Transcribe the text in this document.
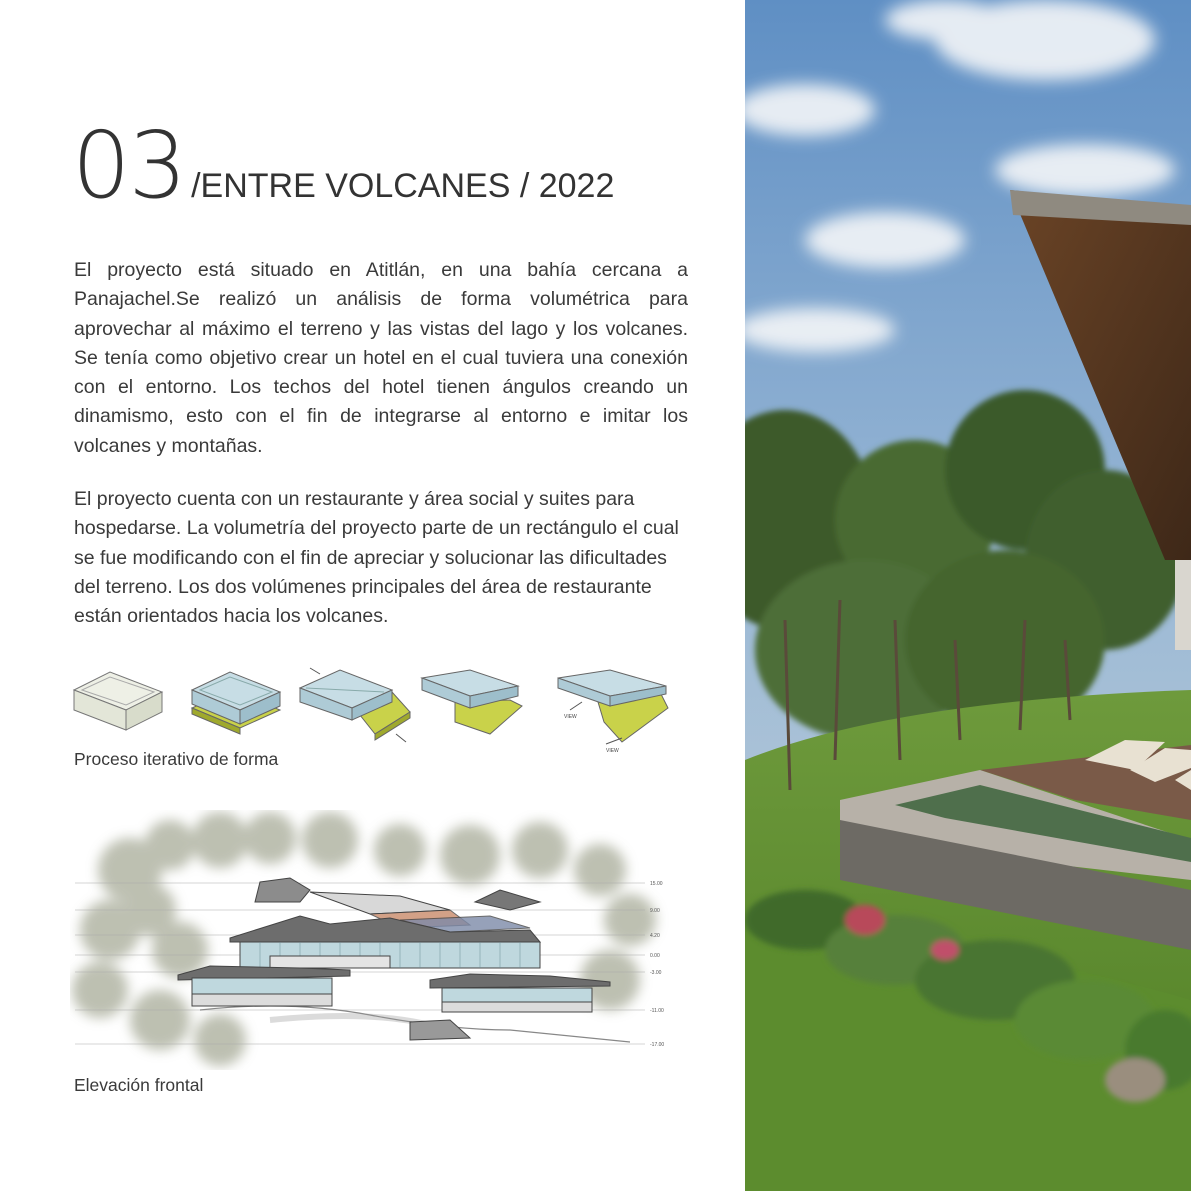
03 /ENTRE VOLCANES / 2022

El proyecto está situado en Atitlán, en una bahía cercana a Panajachel.Se realizó un análisis de forma volumétrica para aprovechar al máximo el terreno y las vistas del lago y los volcanes. Se tenía como objetivo crear un hotel en el cual tuviera una conexión con el entorno. Los techos del hotel tienen ángulos creando un dinamismo, esto con el fin de integrarse al entorno e imitar los volcanes y montañas.

El proyecto cuenta con un restaurante y área social y suites para hospedarse. La volumetría del proyecto parte de un rectángulo el cual se fue modificando con el fin de apreciar y solucionar las dificultades del terreno. Los dos volúmenes principales del área de restaurante están orientados hacia los volcanes.

VIEW
VIEW
Proceso iterativo de forma
15.00
9.00
4.20
0.00
-3.00
-11.00
-17.00
Elevación frontal
